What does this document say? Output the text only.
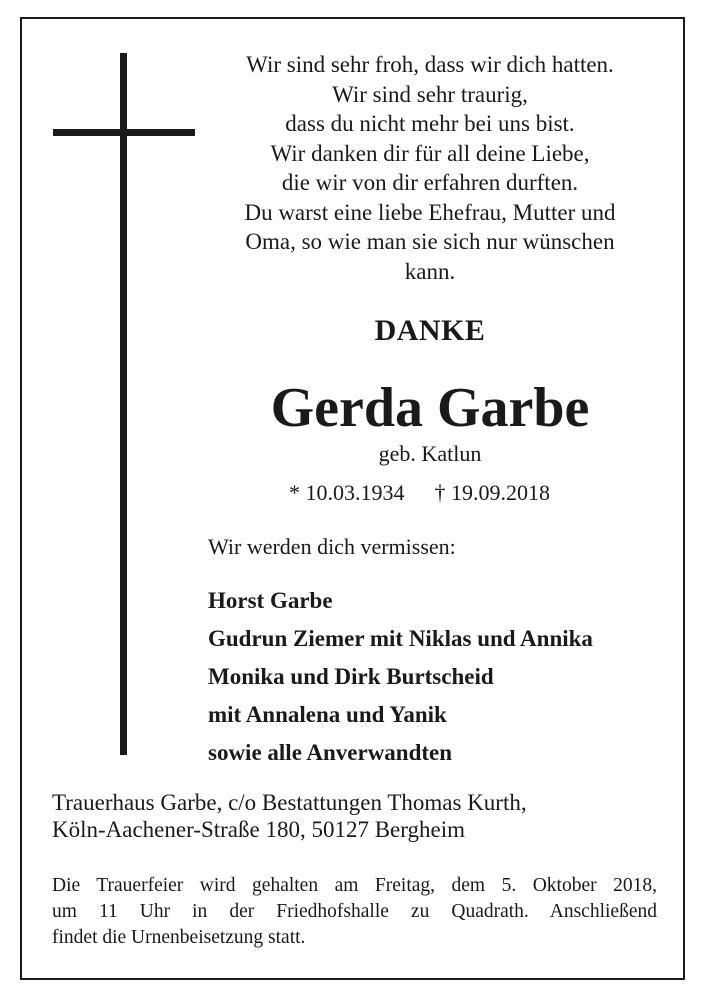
Wir sind sehr froh, dass wir dich hatten.
Wir sind sehr traurig,
dass du nicht mehr bei uns bist.
Wir danken dir für all deine Liebe,
die wir von dir erfahren durften.
Du warst eine liebe Ehefrau, Mutter und
Oma, so wie man sie sich nur wünschen
kann.
DANKE
Gerda Garbe
geb. Katlun
* 10.03.1934 † 19.09.2018
Wir werden dich vermissen:
Horst Garbe
Gudrun Ziemer mit Niklas und Annika
Monika und Dirk Burtscheid
mit Annalena und Yanik
sowie alle Anverwandten
Trauerhaus Garbe, c/o Bestattungen Thomas Kurth,
Köln-Aachener-Straße 180, 50127 Bergheim
Die Trauerfeier wird gehalten am Freitag, dem 5. Oktober 2018,
um 11 Uhr in der Friedhofshalle zu Quadrath. Anschließend
findet die Urnenbeisetzung statt.
